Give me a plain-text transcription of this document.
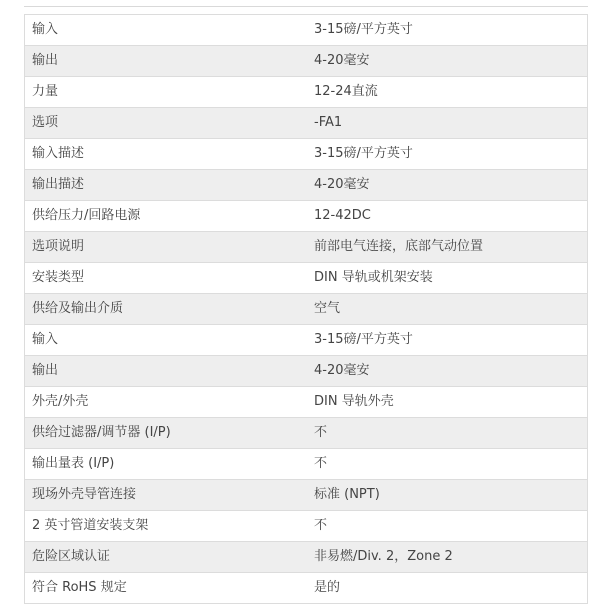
输入	3-15磅/平方英寸
输出	4-20毫安
力量	12-24直流
选项	-FA1
输入描述	3-15磅/平方英寸
输出描述	4-20毫安
供给压力/回路电源	12-42DC
选项说明	前部电气连接，底部气动位置
安装类型	DIN 导轨或机架安装
供给及输出介质	空气
输入	3-15磅/平方英寸
输出	4-20毫安
外壳/外壳	DIN 导轨外壳
供给过滤器/调节器 (I/P)	不
输出量表 (I/P)	不
现场外壳导管连接	标准 (NPT)
2 英寸管道安装支架	不
危险区域认证	非易燃/Div. 2，Zone 2
符合 RoHS 规定	是的
